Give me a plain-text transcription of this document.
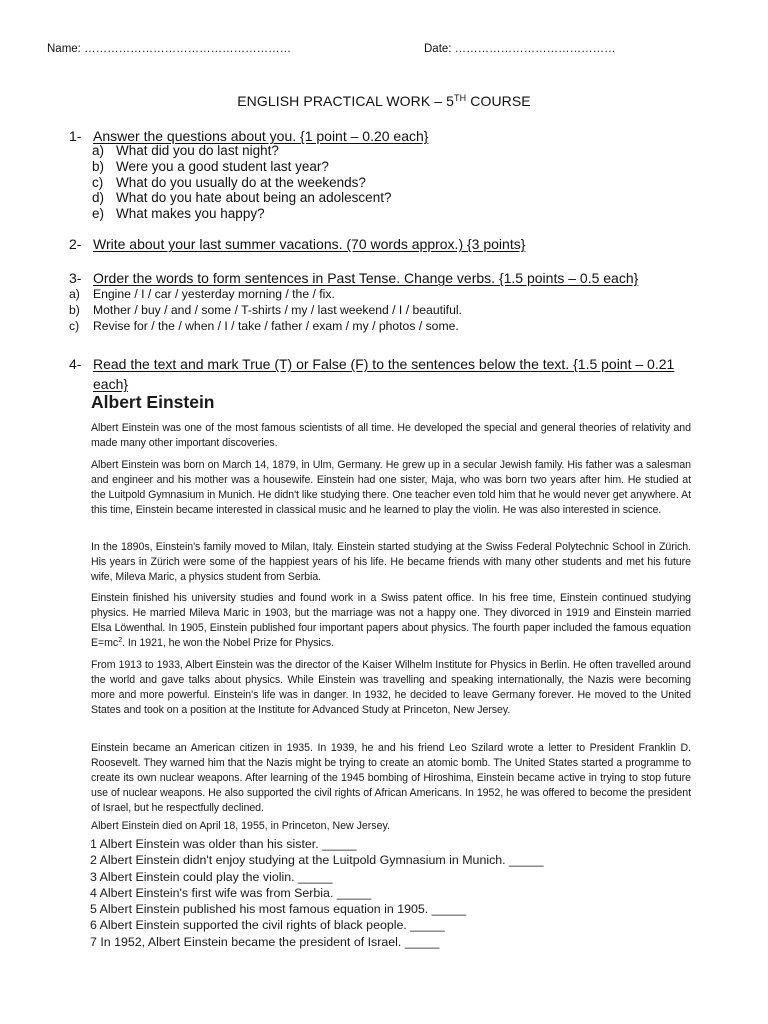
Name: ………………………………………………	Date: ……………………………………
ENGLISH PRACTICAL WORK – 5TH COURSE
1- Answer the questions about you. {1 point – 0.20 each}
a) What did you do last night?
b) Were you a good student last year?
c) What do you usually do at the weekends?
d) What do you hate about being an adolescent?
e) What makes you happy?
2- Write about your last summer vacations. (70 words approx.) {3 points}
3- Order the words to form sentences in Past Tense. Change verbs. {1.5 points – 0.5 each}
a) Engine / I / car / yesterday morning / the / fix.
b) Mother / buy / and / some / T-shirts / my / last weekend / I / beautiful.
c) Revise for / the / when / I / take / father / exam / my / photos / some.
4- Read the text and mark True (T) or False (F) to the sentences below the text. {1.5 point – 0.21 each}
Albert Einstein
Albert Einstein was one of the most famous scientists of all time. He developed the special and general theories of relativity and made many other important discoveries.
Albert Einstein was born on March 14, 1879, in Ulm, Germany. He grew up in a secular Jewish family. His father was a salesman and engineer and his mother was a housewife. Einstein had one sister, Maja, who was born two years after him. He studied at the Luitpold Gymnasium in Munich. He didn't like studying there. One teacher even told him that he would never get anywhere. At this time, Einstein became interested in classical music and he learned to play the violin. He was also interested in science.
In the 1890s, Einstein's family moved to Milan, Italy. Einstein started studying at the Swiss Federal Polytechnic School in Zürich. His years in Zürich were some of the happiest years of his life. He became friends with many other students and met his future wife, Mileva Maric, a physics student from Serbia.
Einstein finished his university studies and found work in a Swiss patent office. In his free time, Einstein continued studying physics. He married Mileva Maric in 1903, but the marriage was not a happy one. They divorced in 1919 and Einstein married Elsa Löwenthal. In 1905, Einstein published four important papers about physics. The fourth paper included the famous equation $E=mc^2$. In 1921, he won the Nobel Prize for Physics.
From 1913 to 1933, Albert Einstein was the director of the Kaiser Wilhelm Institute for Physics in Berlin. He often travelled around the world and gave talks about physics. While Einstein was travelling and speaking internationally, the Nazis were becoming more and more powerful. Einstein's life was in danger. In 1932, he decided to leave Germany forever. He moved to the United States and took on a position at the Institute for Advanced Study at Princeton, New Jersey.
Einstein became an American citizen in 1935. In 1939, he and his friend Leo Szilard wrote a letter to President Franklin D. Roosevelt. They warned him that the Nazis might be trying to create an atomic bomb. The United States started a programme to create its own nuclear weapons. After learning of the 1945 bombing of Hiroshima, Einstein became active in trying to stop future use of nuclear weapons. He also supported the civil rights of African Americans. In 1952, he was offered to become the president of Israel, but he respectfully declined.
Albert Einstein died on April 18, 1955, in Princeton, New Jersey.
1 Albert Einstein was older than his sister. _____
2 Albert Einstein didn't enjoy studying at the Luitpold Gymnasium in Munich. _____
3 Albert Einstein could play the violin. _____
4 Albert Einstein's first wife was from Serbia. _____
5 Albert Einstein published his most famous equation in 1905. _____
6 Albert Einstein supported the civil rights of black people. _____
7 In 1952, Albert Einstein became the president of Israel. _____
